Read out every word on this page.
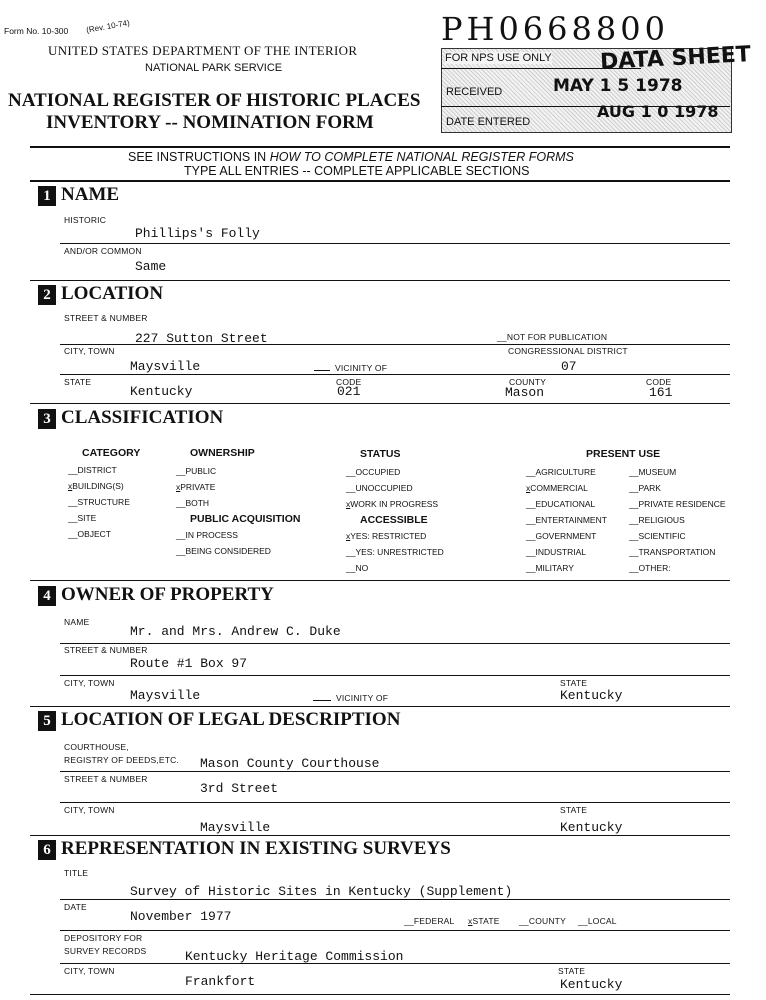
Form No. 10-300 (Rev. 10-74)
UNITED STATES DEPARTMENT OF THE INTERIOR
NATIONAL PARK SERVICE
NATIONAL REGISTER OF HISTORIC PLACES
INVENTORY -- NOMINATION FORM
PH0668800
FOR NPS USE ONLY DATA SHEET
RECEIVED	MAY 1 5 1978
DATE ENTERED
AUG 1 0 1978
SEE INSTRUCTIONS IN HOW TO COMPLETE NATIONAL REGISTER FORMS
TYPE ALL ENTRIES -- COMPLETE APPLICABLE SECTIONS
1 NAME
HISTORIC
Phillips's Folly
AND/OR COMMON
Same
2 LOCATION
STREET & NUMBER
227 Sutton Street	__NOT FOR PUBLICATION
CITY, TOWN	CONGRESSIONAL DISTRICT
Maysville	VICINITY OF	07
STATE	CODE	COUNTY	CODE
Kentucky	021	Mason	161
3 CLASSIFICATION
CATEGORY
__DISTRICT
xBUILDING(S)
__STRUCTURE
__SITE
__OBJECT
OWNERSHIP
__PUBLIC
xPRIVATE
__BOTH
PUBLIC ACQUISITION
__IN PROCESS
__BEING CONSIDERED
STATUS
__OCCUPIED
__UNOCCUPIED
xWORK IN PROGRESS
ACCESSIBLE
xYES: RESTRICTED
__YES: UNRESTRICTED
__NO
PRESENT USE
__AGRICULTURE
xCOMMERCIAL
__EDUCATIONAL
__ENTERTAINMENT
__GOVERNMENT
__INDUSTRIAL
__MILITARY
__MUSEUM
__PARK
__PRIVATE RESIDENCE
__RELIGIOUS
__SCIENTIFIC
__TRANSPORTATION
__OTHER:
4 OWNER OF PROPERTY
NAME
Mr. and Mrs. Andrew C. Duke
STREET & NUMBER
Route #1 Box 97
CITY, TOWN	STATE
Maysville	VICINITY OF	Kentucky
5 LOCATION OF LEGAL DESCRIPTION
COURTHOUSE,
REGISTRY OF DEEDS,ETC. Mason County Courthouse
STREET & NUMBER
3rd Street
CITY, TOWN	STATE
Maysville	Kentucky
6 REPRESENTATION IN EXISTING SURVEYS
TITLE
Survey of Historic Sites in Kentucky (Supplement)
DATE
November 1977	__FEDERAL xSTATE __COUNTY __LOCAL
DEPOSITORY FOR
SURVEY RECORDS	Kentucky Heritage Commission
CITY, TOWN	STATE
Frankfort	Kentucky
